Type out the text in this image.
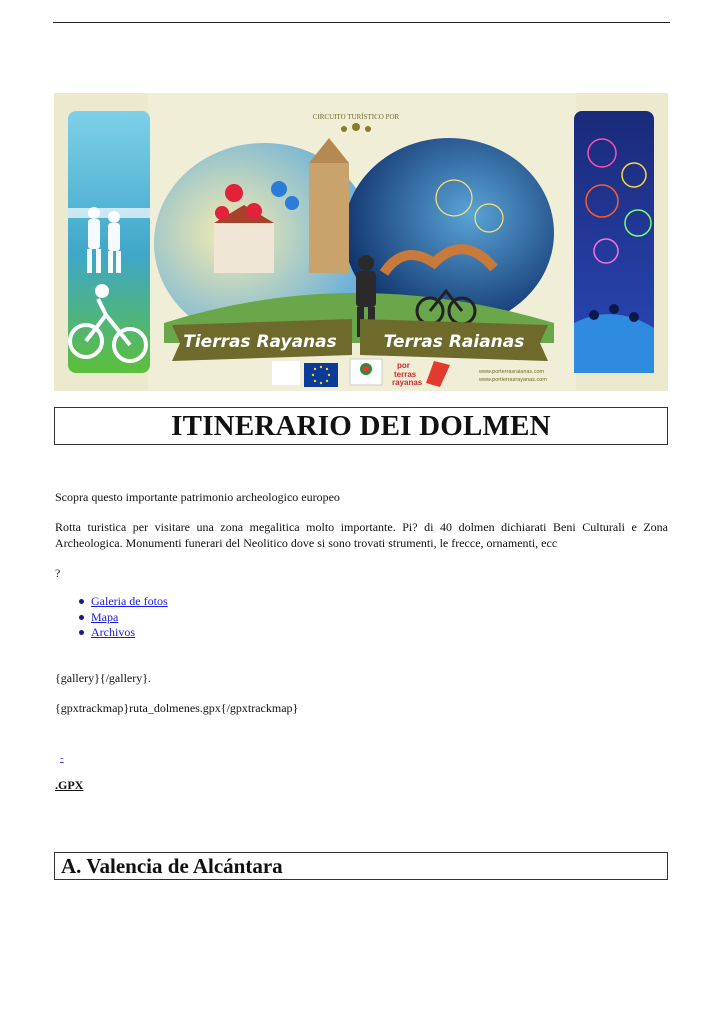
CIRCUITO TURÍSTICO POR
Tierras Rayanas	Terras Raianas
por
terras
rayanas
www.porterrasraianas.com
www.portierrasrayanas.com
ITINERARIO DEI DOLMEN
Scopra questo importante patrimonio archeologico europeo
Rotta turistica per visitare una zona megalitica molto importante. Pi? di 40 dolmen dichiarati Beni Culturali e Zona Archeologica. Monumenti funerari del Neolitico dove si sono trovati strumenti, le frecce, ornamenti, ecc
?
Galeria de fotos
Mapa
Archivos
{gallery}{/gallery}.
{gpxtrackmap}ruta_dolmenes.gpx{/gpxtrackmap}
-
.GPX
A. Valencia de Alcántara
